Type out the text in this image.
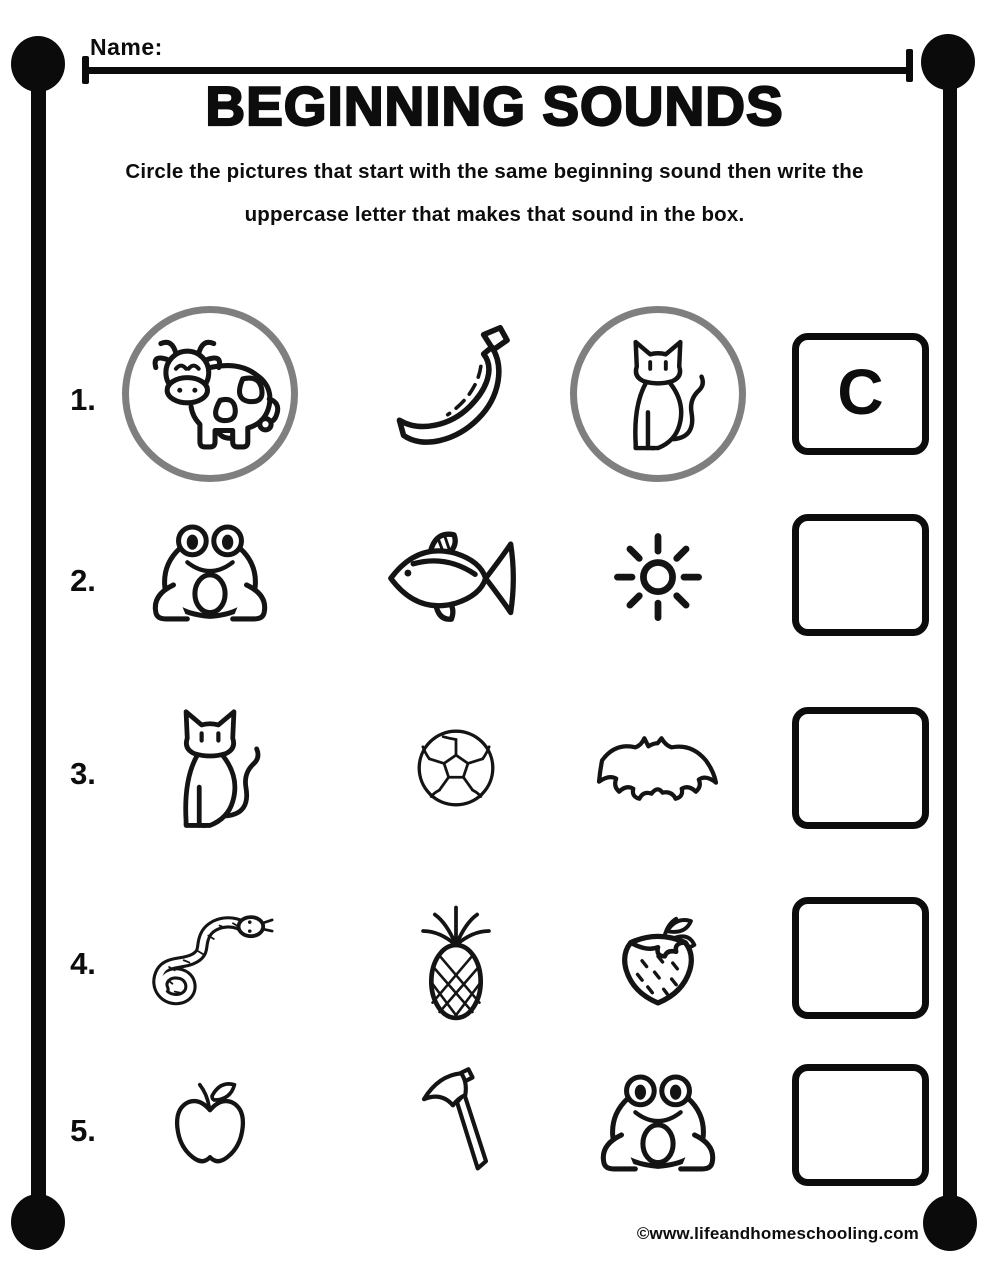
Name:
BEGINNING SOUNDS
Circle the pictures that start with the same beginning sound then write the
uppercase letter that makes that sound in the box.
1.	C
2.
3.
4.
5.
©www.lifeandhomeschooling.com
